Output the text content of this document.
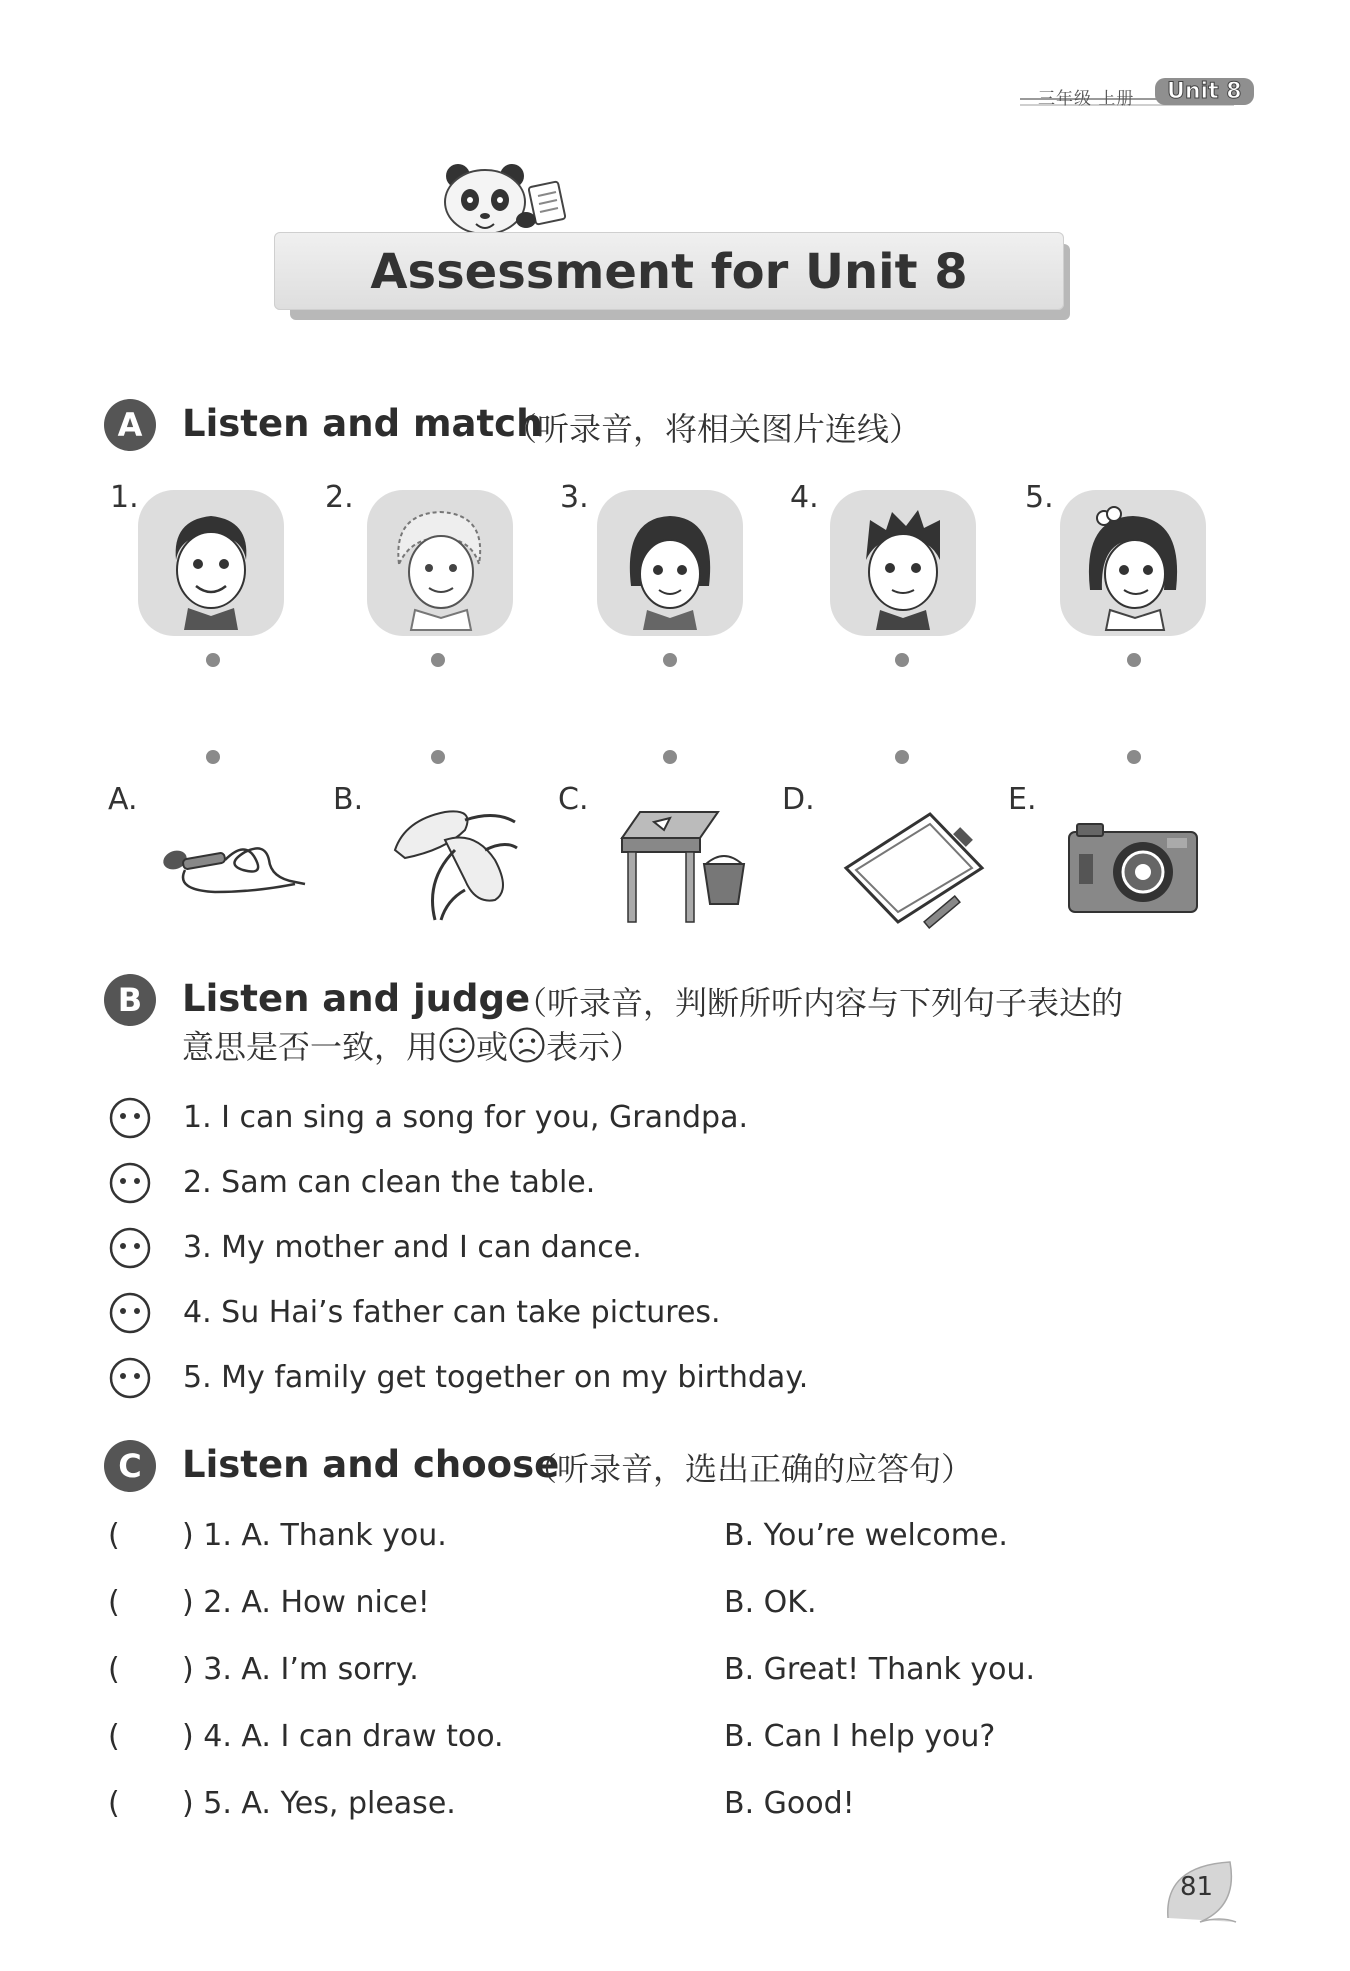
三年级 上册	Unit 8
Assessment for Unit 8
A	Listen and match
（听录音，将相关图片连线）
1.	2.	3.	4.	5.
A.	B.	C.	D.	E.
B	Listen and judge
（听录音，判断所听内容与下列句子表达的
意思是否一致，用 或 表示）
1. I can sing a song for you, Grandpa.
2. Sam can clean the table.
3. My mother and I can dance.
4. Su Hai’s father can take pictures.
5. My family get together on my birthday.
C	Listen and choose
（听录音，选出正确的应答句）
( ) 1. A. Thank you.	B. You’re welcome.
( ) 2. A. How nice!	B. OK.
( ) 3. A. I’m sorry.	B. Great! Thank you.
( ) 4. A. I can draw too.	B. Can I help you?
( ) 5. A. Yes, please.	B. Good!
81
